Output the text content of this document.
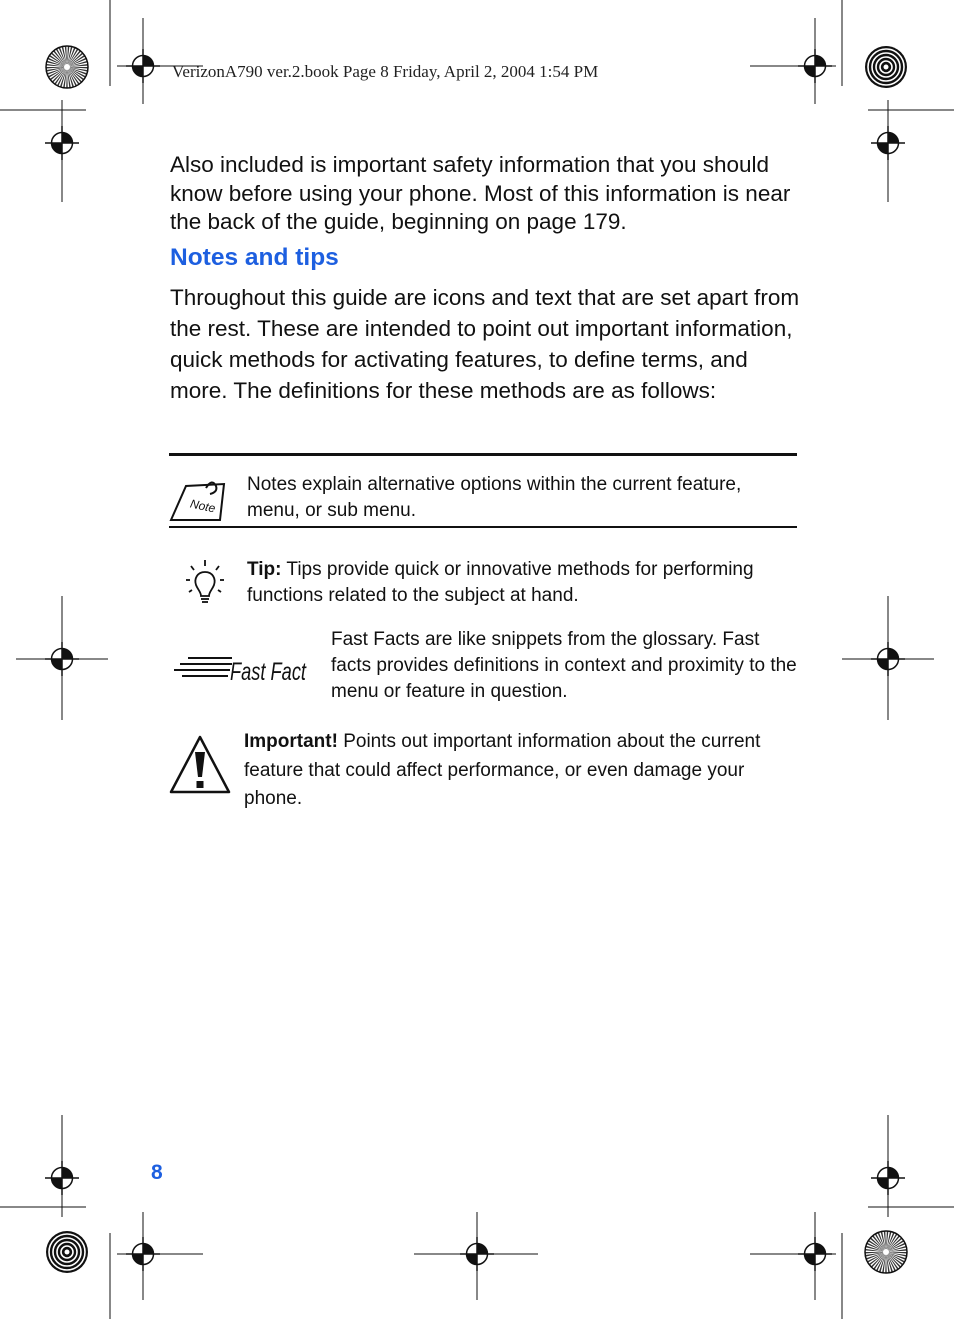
VerizonA790 ver.2.book Page 8 Friday, April 2, 2004 1:54 PM
Also included is important safety information that you should know before using your phone. Most of this information is near the back of the guide, beginning on page 179.
Notes and tips
Throughout this guide are icons and text that are set apart from the rest. These are intended to point out important information, quick methods for activating features, to define terms, and more. The definitions for these methods are as follows:
Note
Notes explain alternative options within the current feature, menu, or sub menu.
Tip: Tips provide quick or innovative methods for performing functions related to the subject at hand.
Fast Fact
Fast Facts are like snippets from the glossary. Fast facts provides definitions in context and proximity to the menu or feature in question.
Important! Points out important information about the current feature that could affect performance, or even damage your phone.
8
